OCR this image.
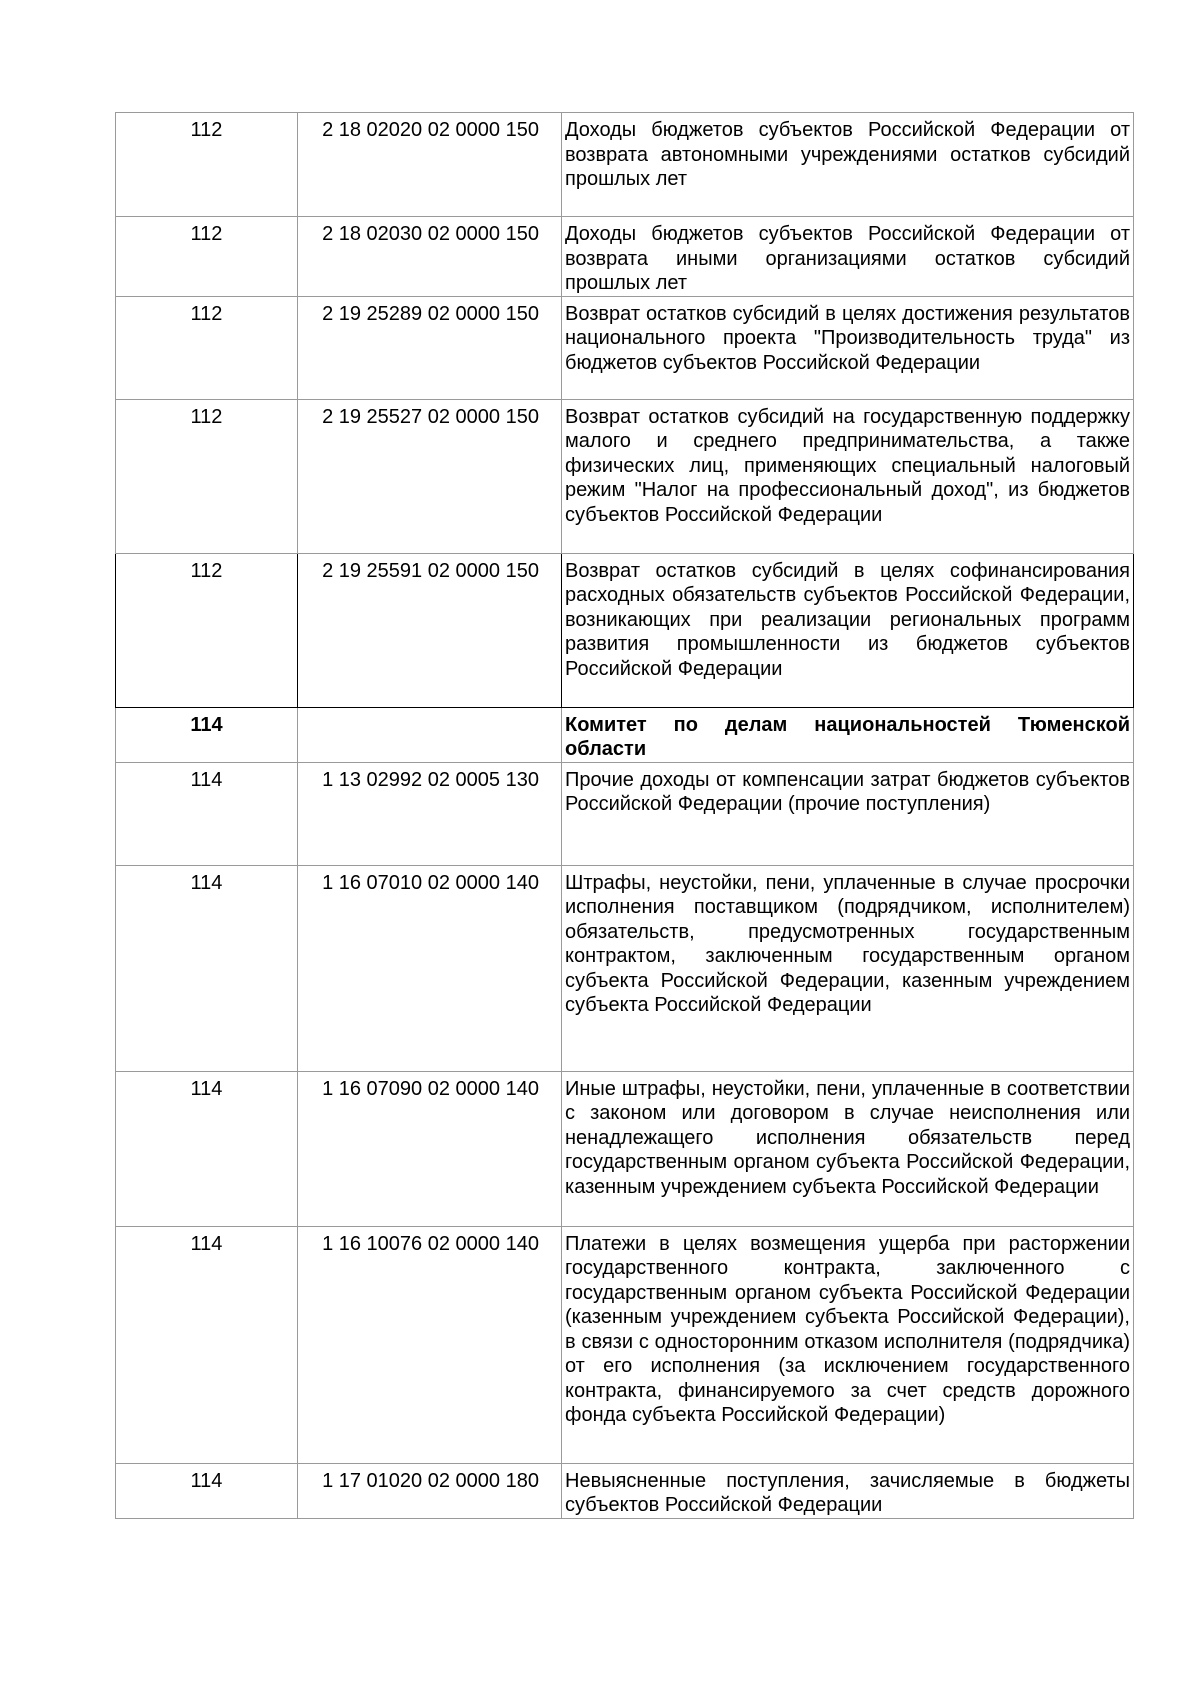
112	2 18 02020 02 0000 150	Доходы бюджетов субъектов Российской Федерации от возврата автономными учреждениями остатков субсидий прошлых лет
112	2 18 02030 02 0000 150	Доходы бюджетов субъектов Российской Федерации от возврата иными организациями остатков субсидий прошлых лет
112	2 19 25289 02 0000 150	Возврат остатков субсидий в целях достижения результатов национального проекта "Производительность труда" из бюджетов субъектов Российской Федерации
112	2 19 25527 02 0000 150	Возврат остатков субсидий на государственную поддержку малого и среднего предпринимательства, а также физических лиц, применяющих специальный налоговый режим "Налог на профессиональный доход", из бюджетов субъектов Российской Федерации
112	2 19 25591 02 0000 150	Возврат остатков субсидий в целях софинансирования расходных обязательств субъектов Российской Федерации, возникающих при реализации региональных программ развития промышленности из бюджетов субъектов Российской Федерации
114		Комитет по делам национальностей Тюменской области
114	1 13 02992 02 0005 130	Прочие доходы от компенсации затрат бюджетов субъектов Российской Федерации (прочие поступления)
114	1 16 07010 02 0000 140	Штрафы, неустойки, пени, уплаченные в случае просрочки исполнения поставщиком (подрядчиком, исполнителем) обязательств, предусмотренных государственным контрактом, заключенным государственным органом субъекта Российской Федерации, казенным учреждением субъекта Российской Федерации
114	1 16 07090 02 0000 140	Иные штрафы, неустойки, пени, уплаченные в соответствии с законом или договором в случае неисполнения или ненадлежащего исполнения обязательств перед государственным органом субъекта Российской Федерации, казенным учреждением субъекта Российской Федерации
114	1 16 10076 02 0000 140	Платежи в целях возмещения ущерба при расторжении государственного контракта, заключенного с государственным органом субъекта Российской Федерации (казенным учреждением субъекта Российской Федерации), в связи с односторонним отказом исполнителя (подрядчика) от его исполнения (за исключением государственного контракта, финансируемого за счет средств дорожного фонда субъекта Российской Федерации)
114	1 17 01020 02 0000 180	Невыясненные поступления, зачисляемые в бюджеты субъектов Российской Федерации
